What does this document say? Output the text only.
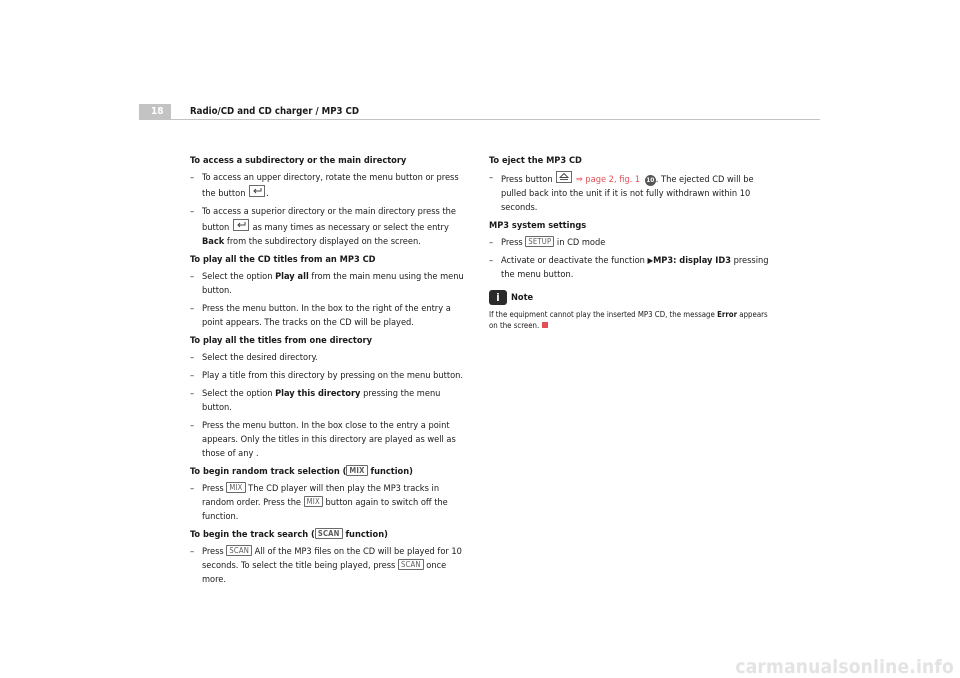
18	Radio/CD and CD charger / MP3 CD
To access a subdirectory or the main directory
– To access an upper directory, rotate the menu button or press the button .
– To access a superior directory or the main directory press the button	as many times as necessary or select the entry Back from the subdirectory displayed on the screen.
To play all the CD titles from an MP3 CD
– Select the option Play all from the main menu using the menu button.
– Press the menu button. In the box to the right of the entry a point appears. The tracks on the CD will be played.
To play all the titles from one directory
– Select the desired directory.
– Play a title from this directory by pressing on the menu button.
– Select the option Play this directory pressing the menu button.
– Press the menu button. In the box close to the entry a point appears. Only the titles in this directory are played as well as those of any .
To begin random track selection ( MIX function)
– Press MIX The CD player will then play the MP3 tracks in random order. Press the MIX button again to switch off the function.
To begin the track search ( SCAN function)
– Press SCAN All of the MP3 files on the CD will be played for 10 seconds. To select the title being played, press SCAN once more.
To eject the MP3 CD
– Press button	⇒ page 2, fig. 1 10. The ejected CD will be pulled back into the unit if it is not fully withdrawn within 10 seconds.
MP3 system settings
– Press SETUP in CD mode
– Activate or deactivate the function ▶MP3: display ID3 pressing the menu button.
i	Note
If the equipment cannot play the inserted MP3 CD, the message Error appears on the screen.
carmanualsonline.info
